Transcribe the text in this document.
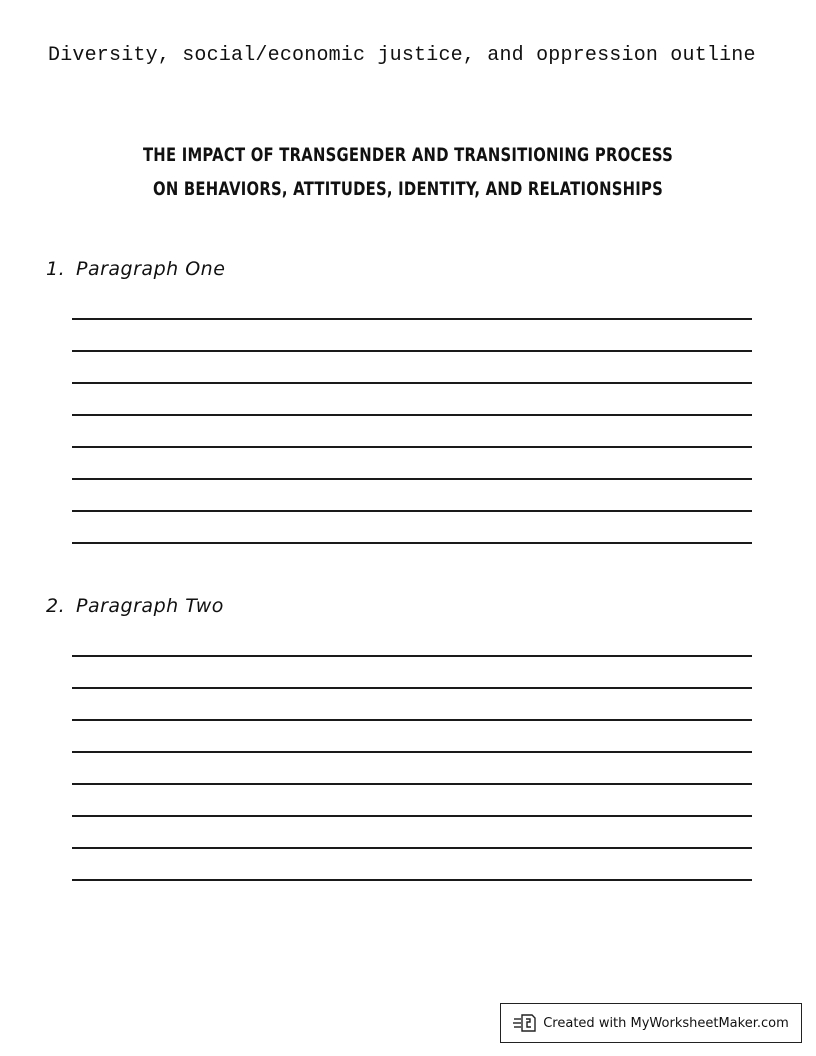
Diversity, social/economic justice, and oppression outline
THE IMPACT OF TRANSGENDER AND TRANSITIONING PROCESS ON BEHAVIORS, ATTITUDES, IDENTITY, AND RELATIONSHIPS
1. Paragraph One
2. Paragraph Two
Created with MyWorksheetMaker.com
